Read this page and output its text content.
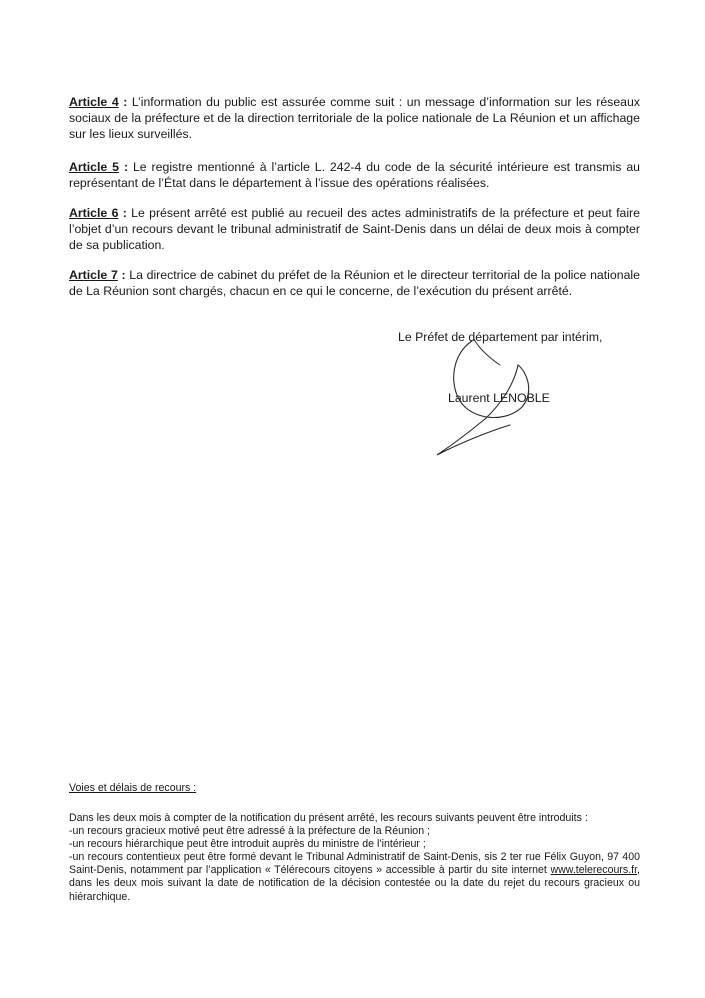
Article 4 : L’information du public est assurée comme suit : un message d’information sur les réseaux sociaux de la préfecture et de la direction territoriale de la police nationale de La Réunion et un affichage sur les lieux surveillés.

Article 5 : Le registre mentionné à l’article L. 242-4 du code de la sécurité intérieure est transmis au représentant de l’État dans le département à l’issue des opérations réalisées.

Article 6 : Le présent arrêté est publié au recueil des actes administratifs de la préfecture et peut faire l’objet d’un recours devant le tribunal administratif de Saint-Denis dans un délai de deux mois à compter de sa publication.

Article 7 : La directrice de cabinet du préfet de la Réunion et le directeur territorial de la police nationale de La Réunion sont chargés, chacun en ce qui le concerne, de l’exécution du présent arrêté.

Le Préfet de département par intérim,
Laurent LENOBLE
Voies et délais de recours :

Dans les deux mois à compter de la notification du présent arrêté, les recours suivants peuvent être introduits :

-un recours gracieux motivé peut être adressé à la préfecture de la Réunion ;

-un recours hiérarchique peut être introduit auprès du ministre de l’intérieur ;

-un recours contentieux peut être formé devant le Tribunal Administratif de Saint-Denis, sis 2 ter rue Félix Guyon, 97 400 Saint-Denis, notamment par l’application « Télérecours citoyens » accessible à partir du site internet www.telerecours.fr, dans les deux mois suivant la date de notification de la décision contestée ou la date du rejet du recours gracieux ou hiérarchique.
